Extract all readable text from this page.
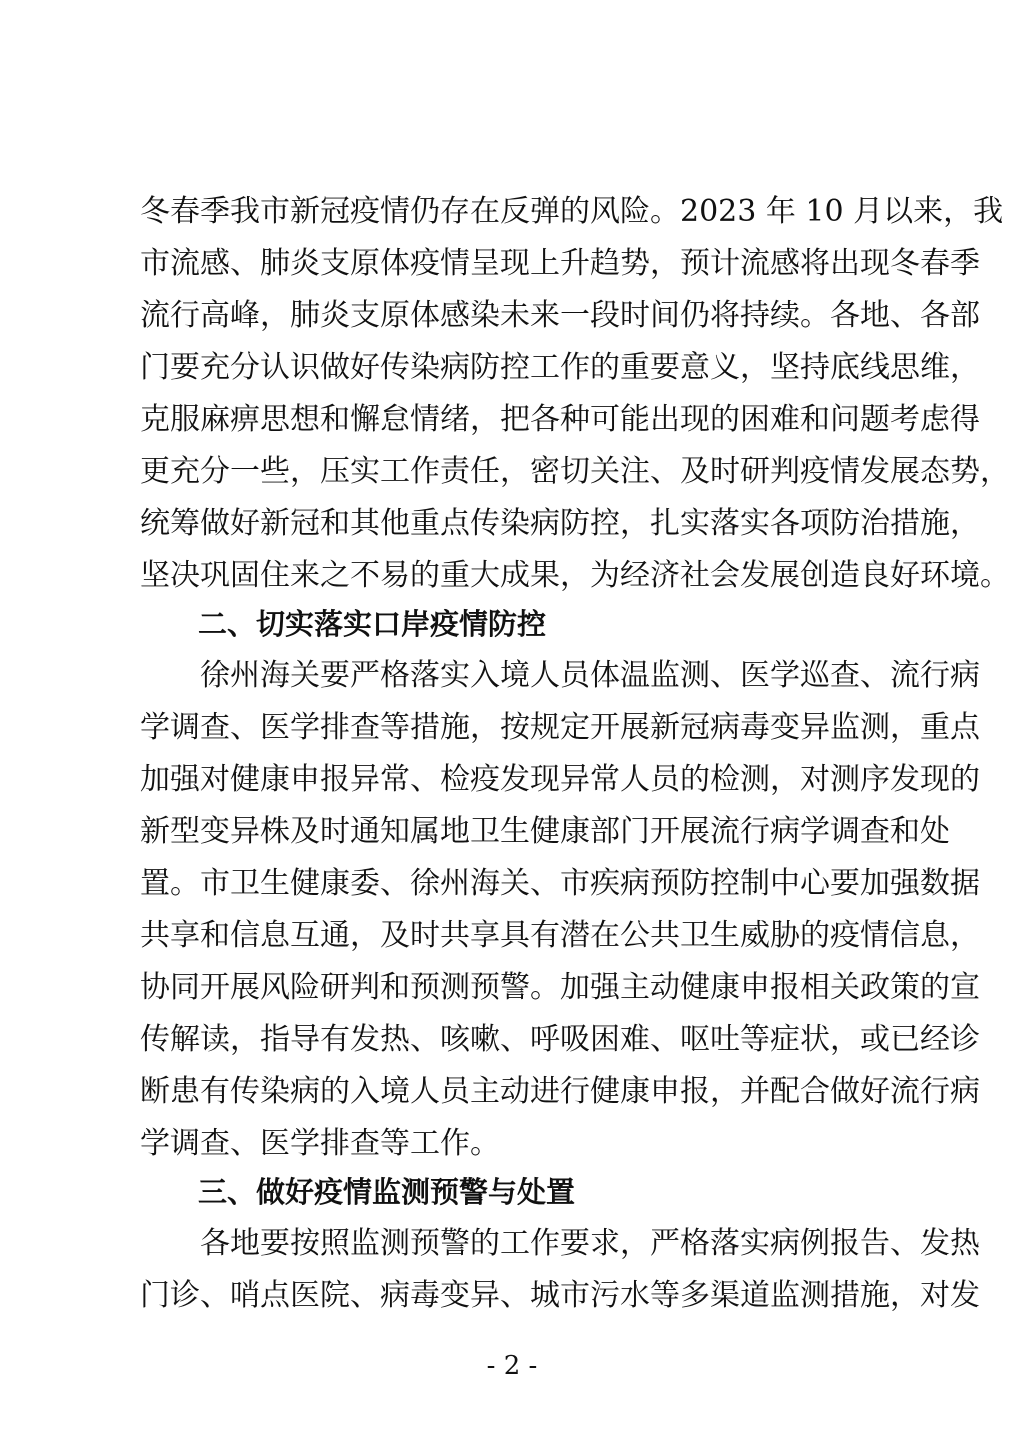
冬春季我市新冠疫情仍存在反弹的风险。2023 年 10 月以来，我
市流感、肺炎支原体疫情呈现上升趋势，预计流感将出现冬春季
流行高峰，肺炎支原体感染未来一段时间仍将持续。各地、各部
门要充分认识做好传染病防控工作的重要意义，坚持底线思维，
克服麻痹思想和懈怠情绪，把各种可能出现的困难和问题考虑得
更充分一些，压实工作责任，密切关注、及时研判疫情发展态势，
统筹做好新冠和其他重点传染病防控，扎实落实各项防治措施，
坚决巩固住来之不易的重大成果，为经济社会发展创造良好环境。
二、切实落实口岸疫情防控
徐州海关要严格落实入境人员体温监测、医学巡查、流行病
学调查、医学排查等措施，按规定开展新冠病毒变异监测，重点
加强对健康申报异常、检疫发现异常人员的检测，对测序发现的
新型变异株及时通知属地卫生健康部门开展流行病学调查和处
置。市卫生健康委、徐州海关、市疾病预防控制中心要加强数据
共享和信息互通，及时共享具有潜在公共卫生威胁的疫情信息，
协同开展风险研判和预测预警。加强主动健康申报相关政策的宣
传解读，指导有发热、咳嗽、呼吸困难、呕吐等症状，或已经诊
断患有传染病的入境人员主动进行健康申报，并配合做好流行病
学调查、医学排查等工作。
三、做好疫情监测预警与处置
各地要按照监测预警的工作要求，严格落实病例报告、发热
门诊、哨点医院、病毒变异、城市污水等多渠道监测措施，对发
- 2 -
